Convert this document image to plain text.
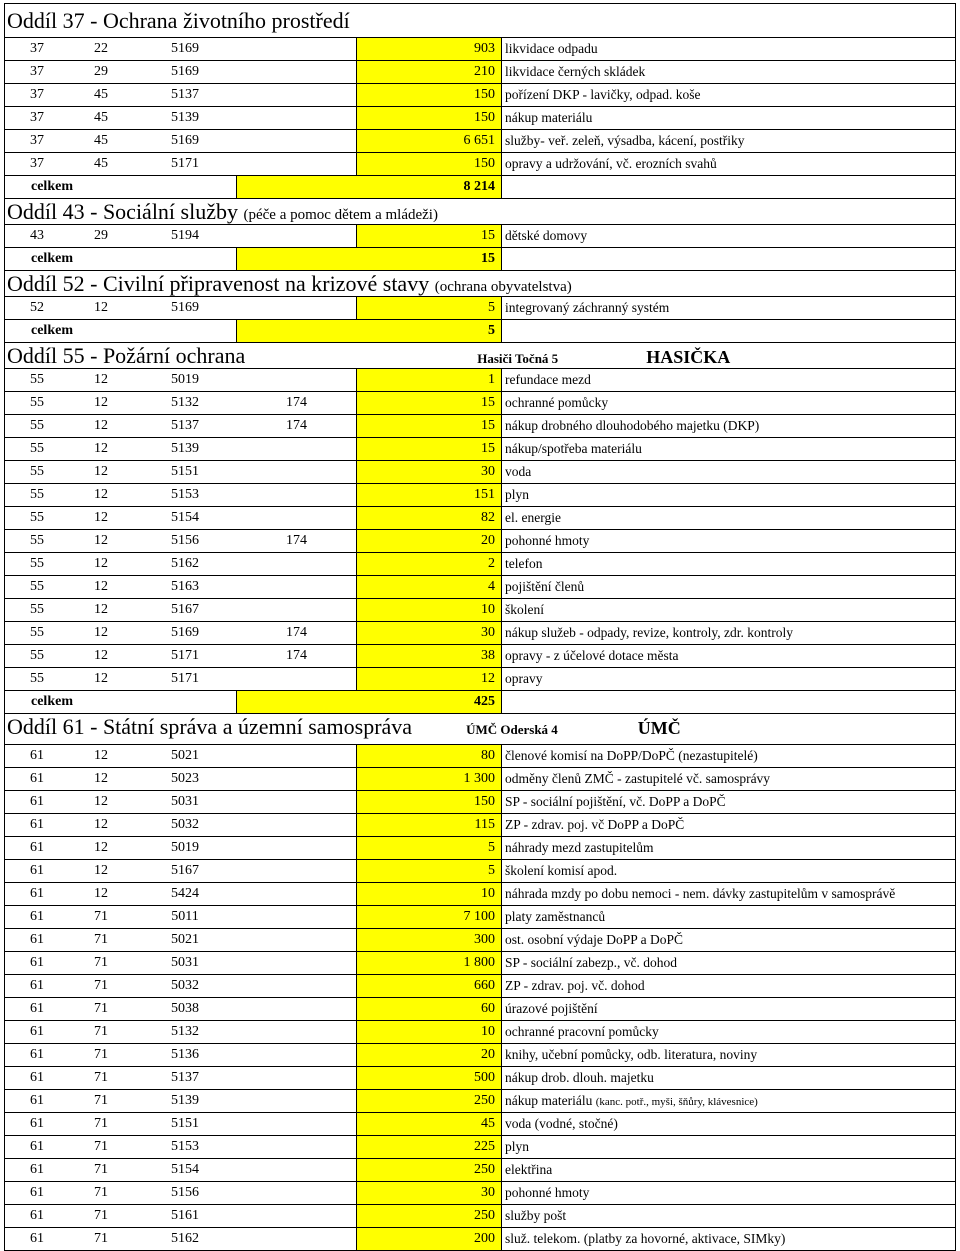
Oddíl 37 - Ochrana životního prostředí
37	22	5169	903 likvidace odpadu
37	29	5169	210 likvidace černých skládek
37	45	5137	150 pořízení DKP - lavičky, odpad. koše
37	45	5139	150 nákup materiálu
37	45	5169	6 651 služby- veř. zeleň, výsadba, kácení, postřiky
37	45	5171	150 opravy a udržování, vč. erozních svahů
celkem	8 214
Oddíl 43 - Sociální služby (péče a pomoc dětem a mládeži)
43	29	5194	15 dětské domovy
celkem	15
Oddíl 52 - Civilní připravenost na krizové stavy (ochrana obyvatelstva)
52	12	5169	5 integrovaný záchranný systém
celkem	5
Oddíl 55 - Požární ochrana	Hasiči Točná 5	HASIČKA
55	12	5019	1 refundace mezd
55	12	5132	174	15 ochranné pomůcky
55	12	5137	174	15 nákup drobného dlouhodobého majetku (DKP)
55	12	5139	15 nákup/spotřeba materiálu
55	12	5151	30 voda
55	12	5153	151 plyn
55	12	5154	82 el. energie
55	12	5156	174	20 pohonné hmoty
55	12	5162	2 telefon
55	12	5163	4 pojištění členů
55	12	5167	10 školení
55	12	5169	174	30 nákup služeb - odpady, revize, kontroly, zdr. kontroly
55	12	5171	174	38 opravy - z účelové dotace města
55	12	5171	12 opravy
celkem	425
Oddíl 61 - Státní správa a územní samospráva	ÚMČ Oderská 4	ÚMČ
61	12	5021	80 členové komisí na DoPP/DoPČ (nezastupitelé)
61	12	5023	1 300 odměny členů ZMČ - zastupitelé vč. samosprávy
61	12	5031	150 SP - sociální pojištění, vč. DoPP a DoPČ
61	12	5032	115 ZP - zdrav. poj. vč DoPP a DoPČ
61	12	5019	5 náhrady mezd zastupitelům
61	12	5167	5 školení komisí apod.
61	12	5424	10 náhrada mzdy po dobu nemoci - nem. dávky zastupitelům v samosprávě
61	71	5011	7 100 platy zaměstnanců
61	71	5021	300 ost. osobní výdaje DoPP a DoPČ
61	71	5031	1 800 SP - sociální zabezp., vč. dohod
61	71	5032	660 ZP - zdrav. poj. vč. dohod
61	71	5038	60 úrazové pojištění
61	71	5132	10 ochranné pracovní pomůcky
61	71	5136	20 knihy, učební pomůcky, odb. literatura, noviny
61	71	5137	500 nákup drob. dlouh. majetku
61	71	5139	250 nákup materiálu (kanc. potř., myši, šňůry, klávesnice)
61	71	5151	45 voda (vodné, stočné)
61	71	5153	225 plyn
61	71	5154	250 elektřina
61	71	5156	30 pohonné hmoty
61	71	5161	250 služby pošt
61	71	5162	200 služ. telekom. (platby za hovorné, aktivace, SIMky)
